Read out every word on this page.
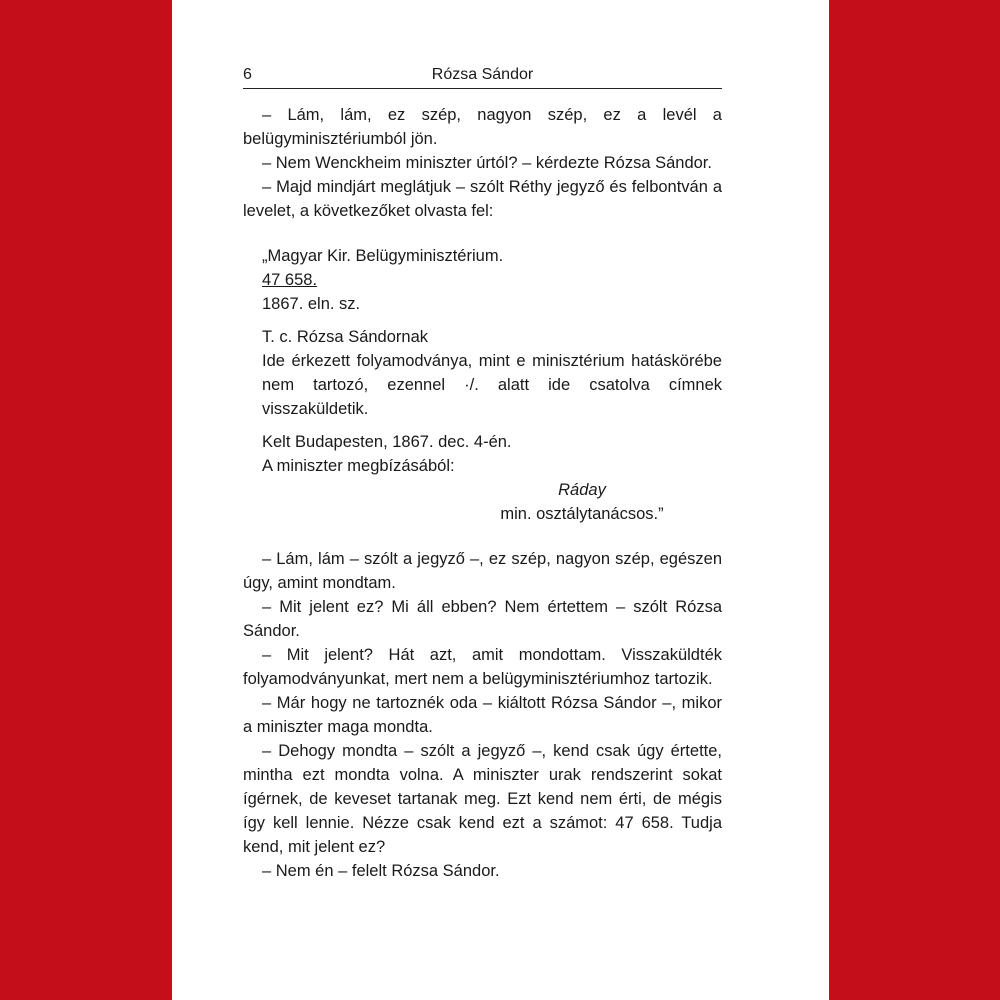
6	Rózsa Sándor

– Lám, lám, ez szép, nagyon szép, ez a levél a belügyminisztériumból jön.

– Nem Wenckheim miniszter úrtól? – kérdezte Rózsa Sándor.

– Majd mindjárt meglátjuk – szólt Réthy jegyző és felbontván a levelet, a következőket olvasta fel:

„Magyar Kir. Belügyminisztérium.
47 658.
1867. eln. sz.
T. c. Rózsa Sándornak
Ide érkezett folyamodványa, mint e minisztérium hatáskörébe nem tartozó, ezennel ·/. alatt ide csatolva címnek visszaküldetik.
Kelt Budapesten, 1867. dec. 4-én.
A miniszter megbízásából:
Ráday
min. osztálytanácsos.”

– Lám, lám – szólt a jegyző –, ez szép, nagyon szép, egészen úgy, amint mondtam.

– Mit jelent ez? Mi áll ebben? Nem értettem – szólt Rózsa Sándor.

– Mit jelent? Hát azt, amit mondottam. Visszaküldték folyamodványunkat, mert nem a belügyminisztériumhoz tartozik.

– Már hogy ne tartoznék oda – kiáltott Rózsa Sándor –, mikor a miniszter maga mondta.

– Dehogy mondta – szólt a jegyző –, kend csak úgy értette, mintha ezt mondta volna. A miniszter urak rendszerint sokat ígérnek, de keveset tartanak meg. Ezt kend nem érti, de mégis így kell lennie. Nézze csak kend ezt a számot: 47 658. Tudja kend, mit jelent ez?

– Nem én – felelt Rózsa Sándor.
